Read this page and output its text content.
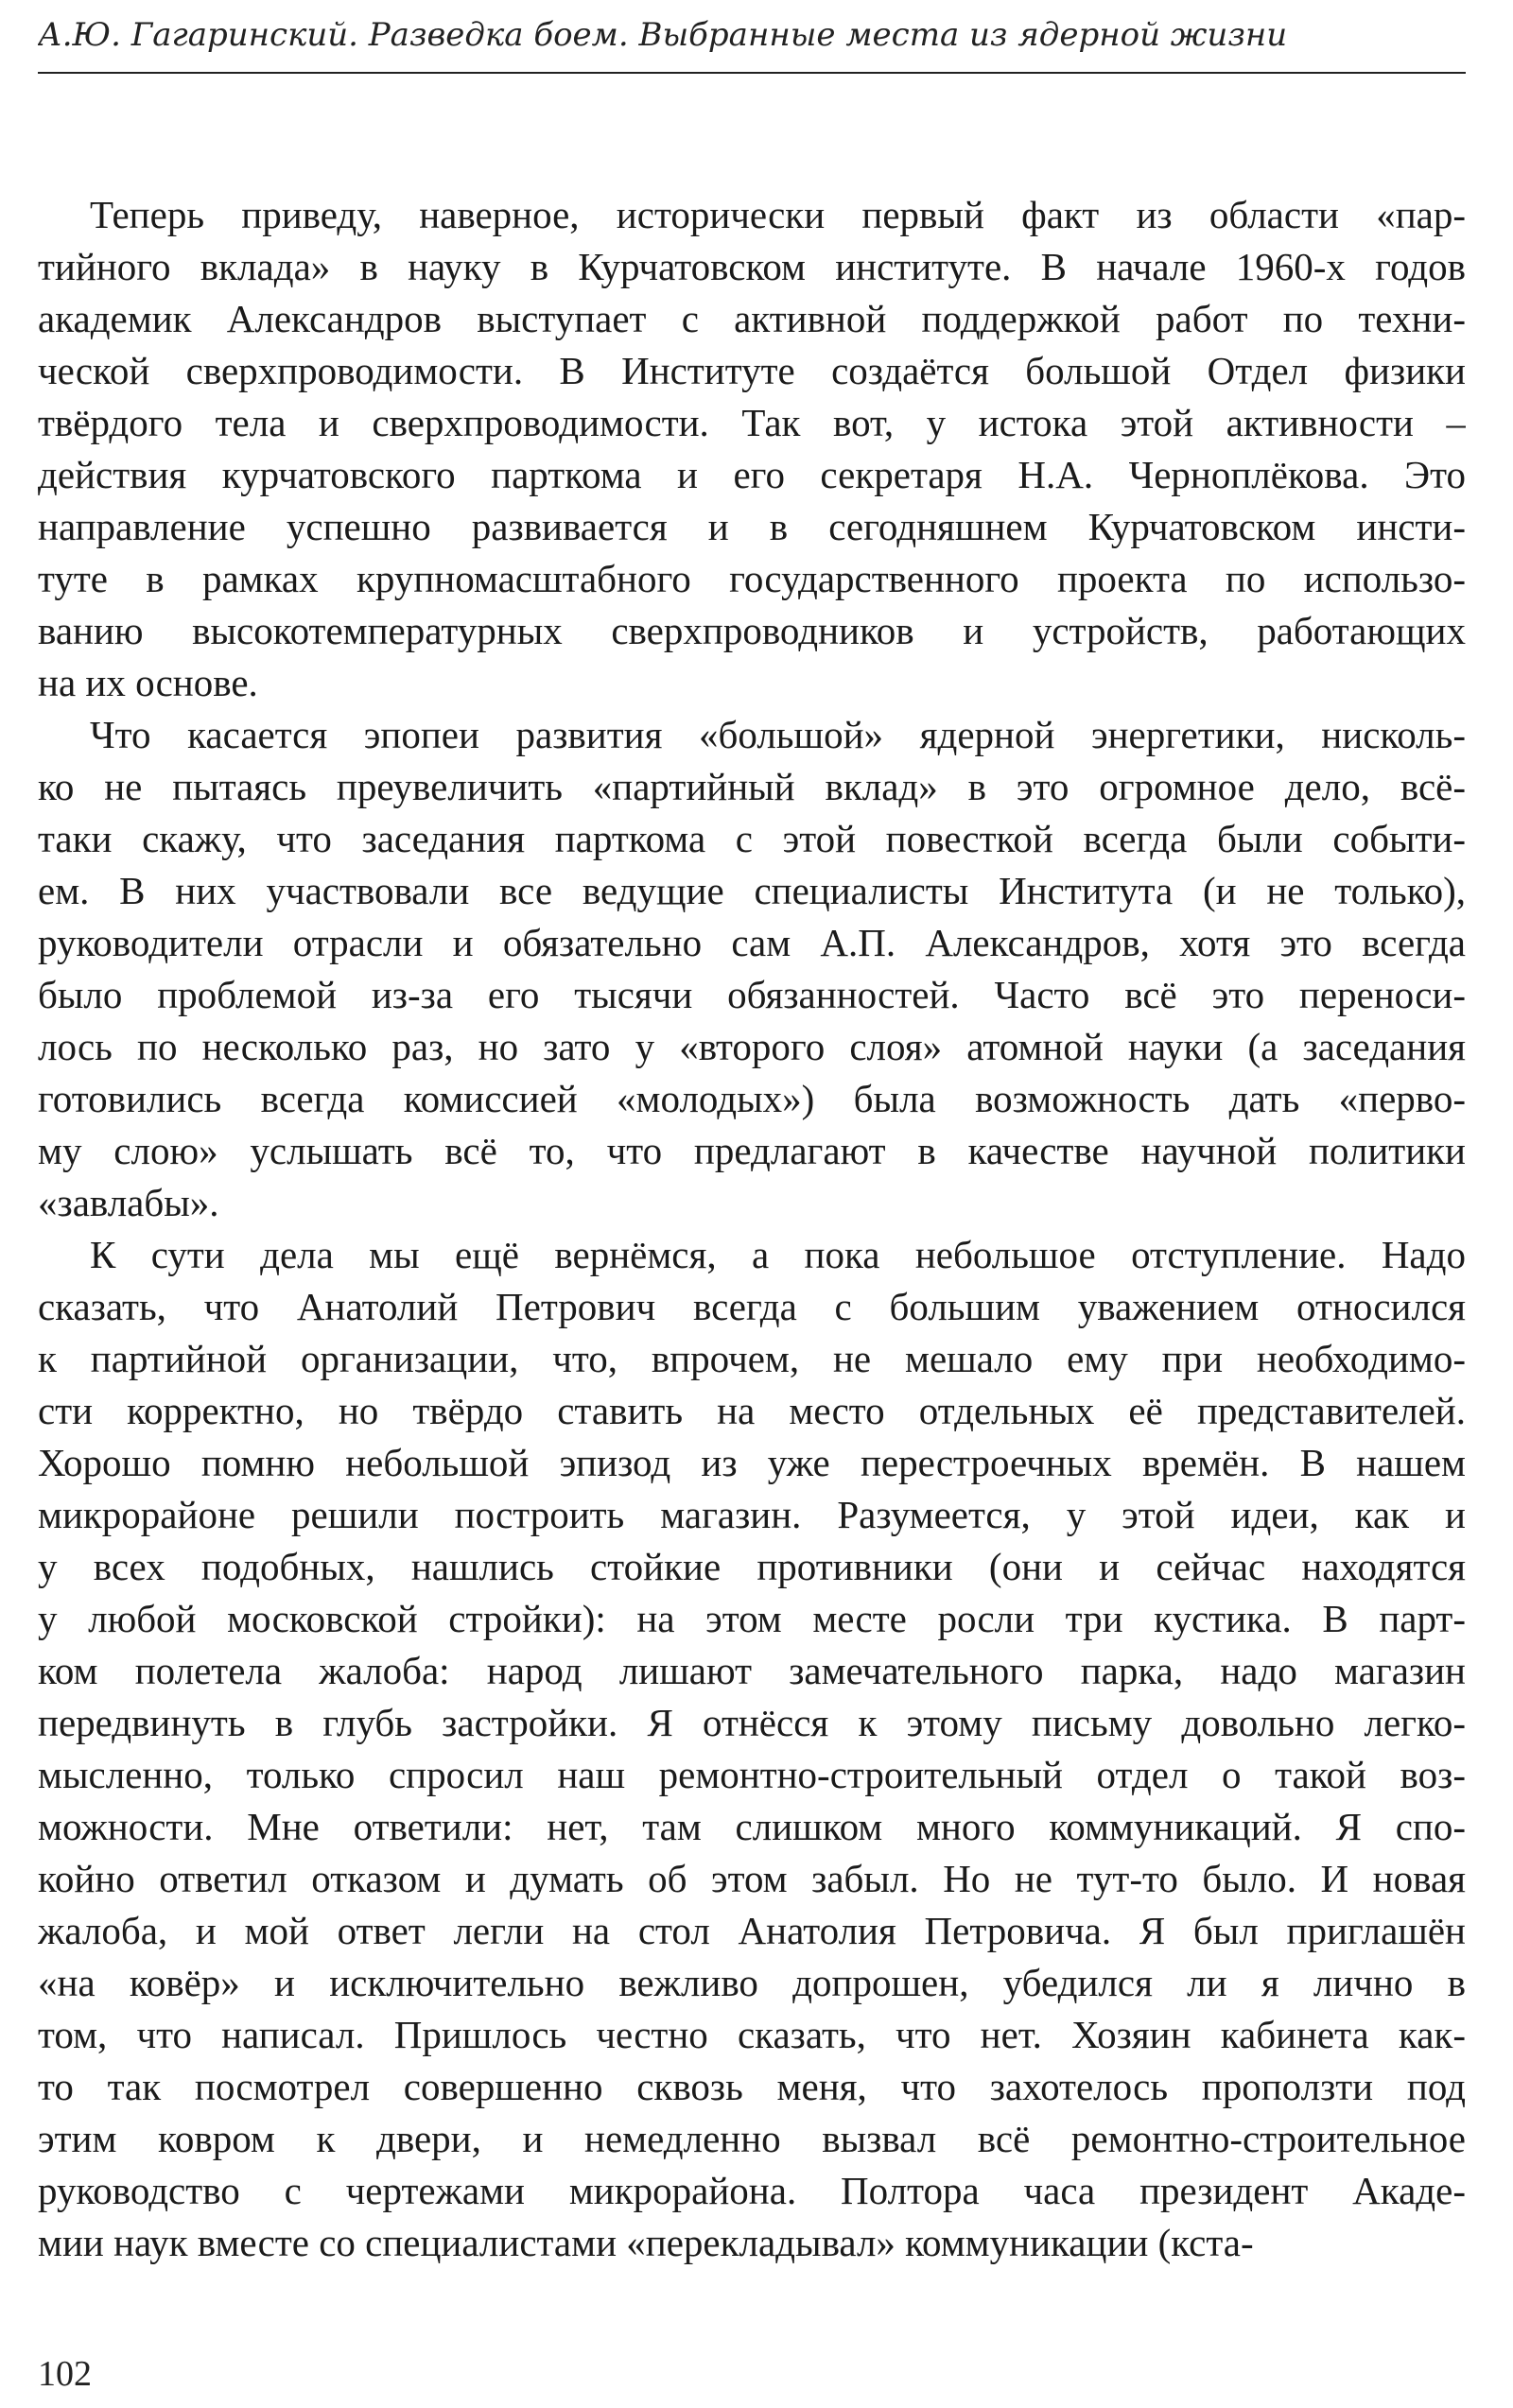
А.Ю. Гагаринский. Разведка боем. Выбранные места из ядерной жизни
Теперь приведу, наверное, исторически первый факт из области «пар-
тийного вклада» в науку в Курчатовском институте. В начале 1960-х годов
академик Александров выступает с активной поддержкой работ по техни-
ческой сверхпроводимости. В Институте создаётся большой Отдел физики
твёрдого тела и сверхпроводимости. Так вот, у истока этой активности –
действия курчатовского парткома и его секретаря Н.А. Черноплёкова. Это
направление успешно развивается и в сегодняшнем Курчатовском инсти-
туте в рамках крупномасштабного государственного проекта по использо-
ванию высокотемпературных сверхпроводников и устройств, работающих
на их основе.
Что касается эпопеи развития «большой» ядерной энергетики, нисколь-
ко не пытаясь преувеличить «партийный вклад» в это огромное дело, всё-
таки скажу, что заседания парткома с этой повесткой всегда были событи-
ем. В них участвовали все ведущие специалисты Института (и не только),
руководители отрасли и обязательно сам А.П. Александров, хотя это всегда
было проблемой из-за его тысячи обязанностей. Часто всё это переноси-
лось по несколько раз, но зато у «второго слоя» атомной науки (а заседания
готовились всегда комиссией «молодых») была возможность дать «перво-
му слою» услышать всё то, что предлагают в качестве научной политики
«завлабы».
К сути дела мы ещё вернёмся, а пока небольшое отступление. Надо
сказать, что Анатолий Петрович всегда с большим уважением относился
к партийной организации, что, впрочем, не мешало ему при необходимо-
сти корректно, но твёрдо ставить на место отдельных её представителей.
Хорошо помню небольшой эпизод из уже перестроечных времён. В нашем
микрорайоне решили построить магазин. Разумеется, у этой идеи, как и
у всех подобных, нашлись стойкие противники (они и сейчас находятся
у любой московской стройки): на этом месте росли три кустика. В парт-
ком полетела жалоба: народ лишают замечательного парка, надо магазин
передвинуть в глубь застройки. Я отнёсся к этому письму довольно легко-
мысленно, только спросил наш ремонтно-строительный отдел о такой воз-
можности. Мне ответили: нет, там слишком много коммуникаций. Я спо-
койно ответил отказом и думать об этом забыл. Но не тут-то было. И новая
жалоба, и мой ответ легли на стол Анатолия Петровича. Я был приглашён
«на ковёр» и исключительно вежливо допрошен, убедился ли я лично в
том, что написал. Пришлось честно сказать, что нет. Хозяин кабинета как-
то так посмотрел совершенно сквозь меня, что захотелось проползти под
этим ковром к двери, и немедленно вызвал всё ремонтно-строительное
руководство с чертежами микрорайона. Полтора часа президент Акаде-
мии наук вместе со специалистами «перекладывал» коммуникации (кста-
102
